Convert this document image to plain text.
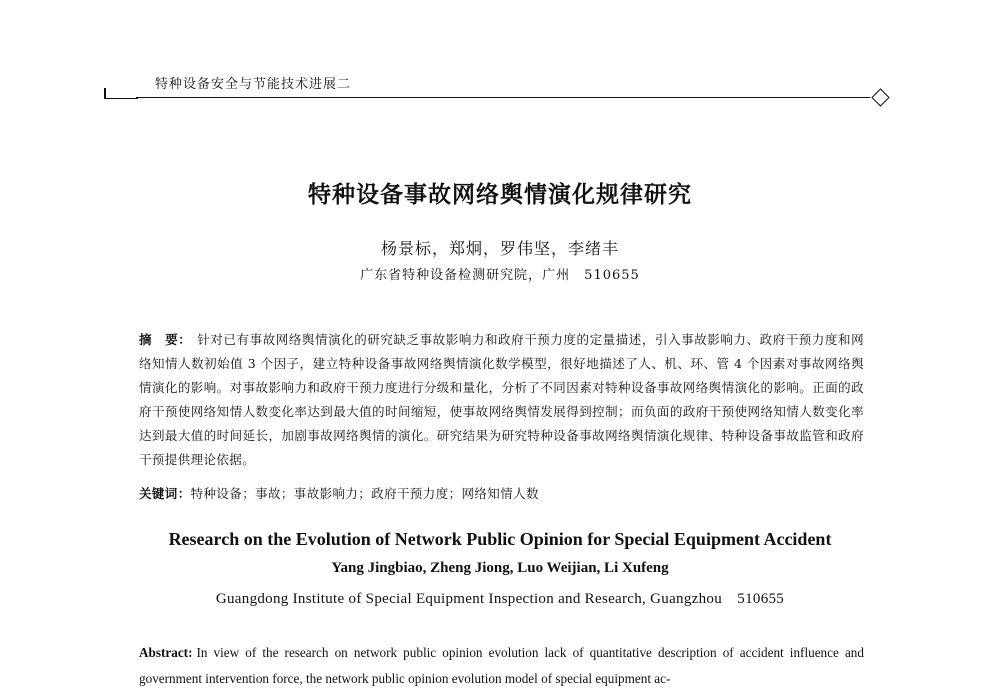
特种设备安全与节能技术进展二
特种设备事故网络舆情演化规律研究
杨景标，郑炯，罗伟坚，李绪丰
广东省特种设备检测研究院，广州　510655
摘　要： 针对已有事故网络舆情演化的研究缺乏事故影响力和政府干预力度的定量描述，引入事故影响力、政府干预力度和网络知情人数初始值 3 个因子，建立特种设备事故网络舆情演化数学模型，很好地描述了人、机、环、管 4 个因素对事故网络舆情演化的影响。对事故影响力和政府干预力度进行分级和量化，分析了不同因素对特种设备事故网络舆情演化的影响。正面的政府干预使网络知情人数变化率达到最大值的时间缩短，使事故网络舆情发展得到控制；而负面的政府干预使网络知情人数变化率达到最大值的时间延长，加剧事故网络舆情的演化。研究结果为研究特种设备事故网络舆情演化规律、特种设备事故监管和政府干预提供理论依据。
关键词：特种设备；事故；事故影响力；政府干预力度；网络知情人数
Research on the Evolution of Network Public Opinion for Special Equipment Accident
Yang Jingbiao, Zheng Jiong, Luo Weijian, Li Xufeng
Guangdong Institute of Special Equipment Inspection and Research, Guangzhou　510655
Abstract: In view of the research on network public opinion evolution lack of quantitative description of accident influence and government intervention force, the network public opinion evolution model of special equipment ac-
